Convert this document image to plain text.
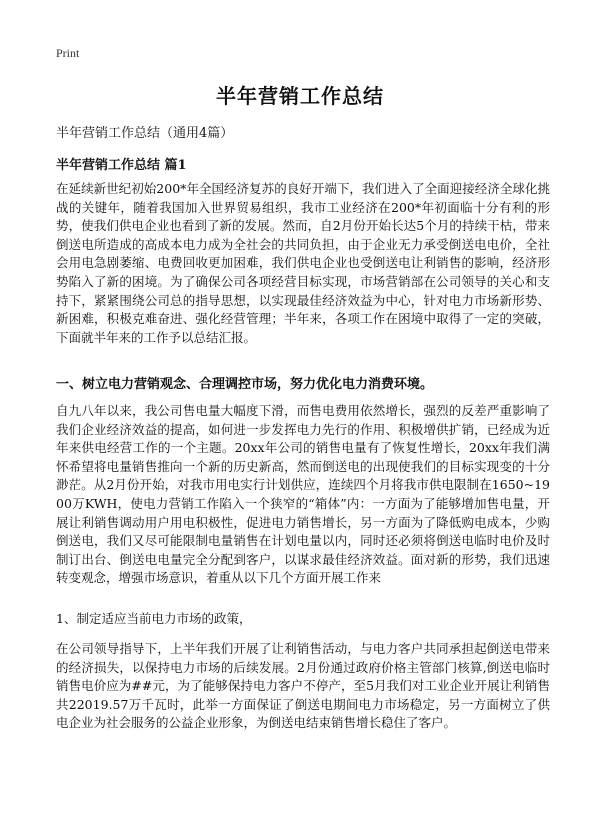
Print
半年营销工作总结

半年营销工作总结（通用4篇）

半年营销工作总结 篇1

在延续新世纪初始200*年全国经济复苏的良好开端下，我们进入了全面迎接经济全球化挑战的关键年，随着我国加入世界贸易组织，我市工业经济在200*年初面临十分有利的形势，使我们供电企业也看到了新的发展。然而，自2月份开始长达5个月的持续干枯，带来倒送电所造成的高成本电力成为全社会的共同负担，由于企业无力承受倒送电电价，全社会用电急剧萎缩、电费回收更加困难，我们供电企业也受倒送电让利销售的影响，经济形势陷入了新的困境。为了确保公司各项经营目标实现，市场营销部在公司领导的关心和支持下，紧紧围绕公司总的指导思想，以实现最佳经济效益为中心，针对电力市场新形势、新困难，积极克难奋进、强化经营管理；半年来，各项工作在困境中取得了一定的突破，下面就半年来的工作予以总结汇报。

一、树立电力营销观念、合理调控市场，努力优化电力消费环境。

自九八年以来，我公司售电量大幅度下滑，而售电费用依然增长，强烈的反差严重影响了我们企业经济效益的提高，如何进一步发挥电力先行的作用、积极增供扩销，已经成为近年来供电经营工作的一个主题。20xx年公司的销售电量有了恢复性增长，20xx年我们满怀希望将电量销售推向一个新的历史新高，然而倒送电的出现使我们的目标实现变的十分渺茫。从2月份开始，对我市用电实行计划供应，连续四个月将我市供电限制在1650~1900万KWH，使电力营销工作陷入一个狭窄的“箱体”内：一方面为了能够增加售电量，开展让利销售调动用户用电积极性，促进电力销售增长，另一方面为了降低购电成本，少购倒送电，我们又尽可能限制电量销售在计划电量以内，同时还必须将倒送电临时电价及时制订出台、倒送电电量完全分配到客户，以谋求最佳经济效益。面对新的形势，我们迅速转变观念，增强市场意识，着重从以下几个方面开展工作来

1、制定适应当前电力市场的政策，

在公司领导指导下，上半年我们开展了让利销售活动，与电力客户共同承担起倒送电带来的经济损失，以保持电力市场的后续发展。2月份通过政府价格主管部门核算,倒送电临时销售电价应为##元，为了能够保持电力客户不停产，至5月我们对工业企业开展让利销售共22019.57万千瓦时，此举一方面保证了倒送电期间电力市场稳定，另一方面树立了供电企业为社会服务的公益企业形象，为倒送电结束销售增长稳住了客户。
